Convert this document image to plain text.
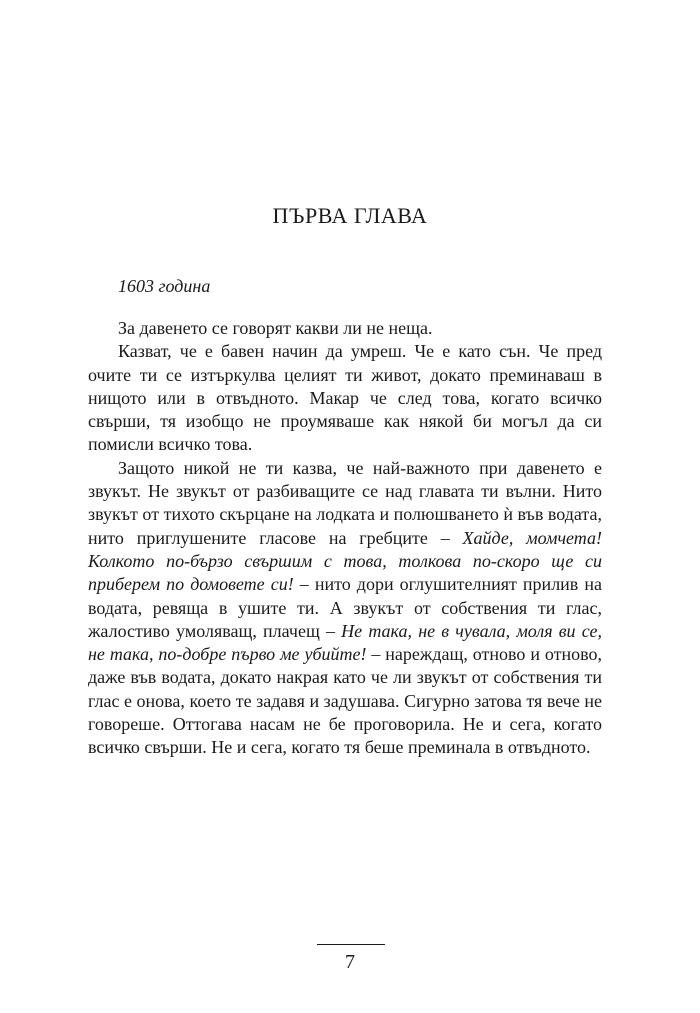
ПЪРВА ГЛАВА

1603 година

За давенето се говорят какви ли не неща.

Казват, че е бавен начин да умреш. Че е като сън. Че пред очите ти се изтъркулва целият ти живот, докато преминаваш в нищото или в отвъдното. Макар че след това, когато всичко свърши, тя изобщо не проумяваше как някой би могъл да си помисли всичко това.

Защото никой не ти казва, че най-важното при давенето е звукът. Не звукът от разбиващите се над главата ти вълни. Нито звукът от тихото скърцане на лодката и полюшването ѝ във водата, нито приглушените гласове на гребците – Хайде, момчета! Колкото по-бързо свършим с това, толкова по-скоро ще си приберем по домовете си! – нито дори оглушителният прилив на водата, ревяща в ушите ти. А звукът от собствения ти глас, жалостиво умоляващ, плачещ – Не така, не в чувала, моля ви се, не така, по-добре първо ме убийте! – нареждащ, отново и отново, даже във водата, докато накрая като че ли звукът от собствения ти глас е онова, което те задавя и задушава. Сигурно затова тя вече не говореше. Оттогава насам не бе проговорила. Не и сега, когато всичко свърши. Не и сега, когато тя беше преминала в отвъдното.

7
